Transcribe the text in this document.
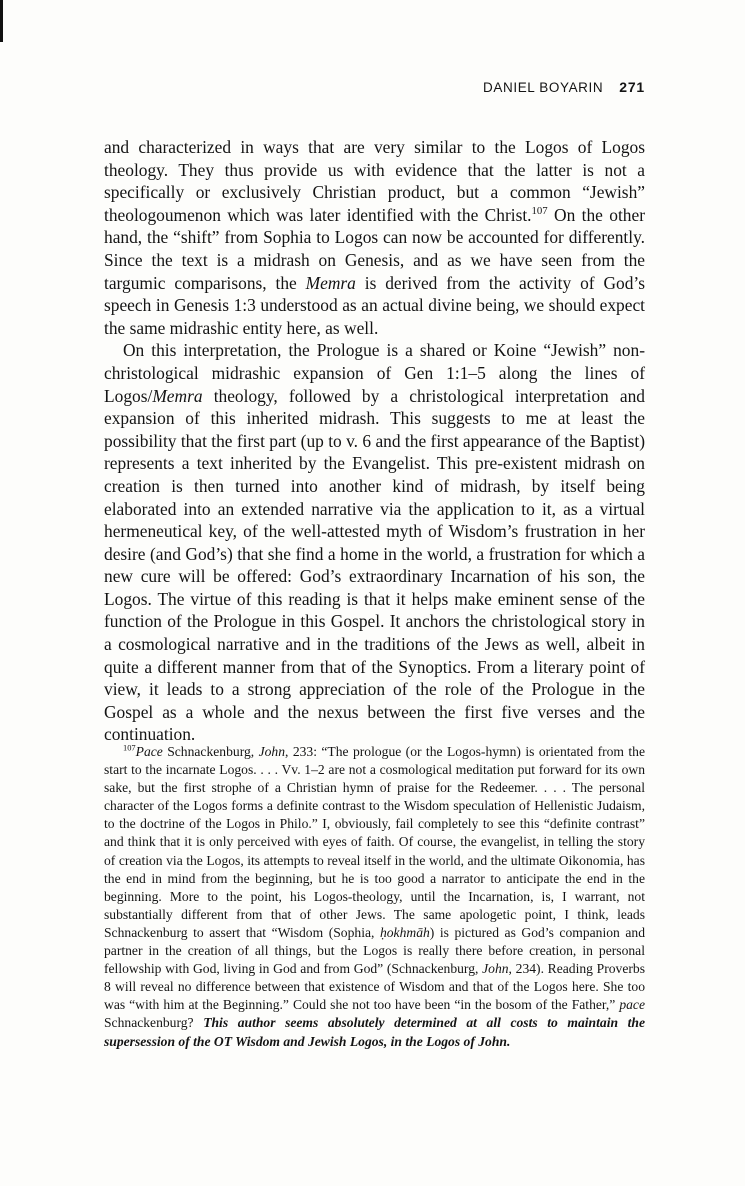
DANIEL BOYARIN 271

and characterized in ways that are very similar to the Logos of Logos theology. They thus provide us with evidence that the latter is not a specifically or exclusively Christian product, but a common “Jewish” theologoumenon which was later identified with the Christ.$^{107}$ On the other hand, the “shift” from Sophia to Logos can now be accounted for differently. Since the text is a midrash on Genesis, and as we have seen from the targumic comparisons, the Memra is derived from the activity of God’s speech in Genesis 1:3 understood as an actual divine being, we should expect the same midrashic entity here, as well.

On this interpretation, the Prologue is a shared or Koine “Jewish” non-christological midrashic expansion of Gen 1:1–5 along the lines of Logos/Memra theology, followed by a christological interpretation and expansion of this inherited midrash. This suggests to me at least the possibility that the first part (up to v. 6 and the first appearance of the Baptist) represents a text inherited by the Evangelist. This pre-existent midrash on creation is then turned into another kind of midrash, by itself being elaborated into an extended narrative via the application to it, as a virtual hermeneutical key, of the well-attested myth of Wisdom’s frustration in her desire (and God’s) that she find a home in the world, a frustration for which a new cure will be offered: God’s extraordinary Incarnation of his son, the Logos. The virtue of this reading is that it helps make eminent sense of the function of the Prologue in this Gospel. It anchors the christological story in a cosmological narrative and in the traditions of the Jews as well, albeit in quite a different manner from that of the Synoptics. From a literary point of view, it leads to a strong appreciation of the role of the Prologue in the Gospel as a whole and the nexus between the first five verses and the continuation.

$^{107}$Pace Schnackenburg, John, 233: “The prologue (or the Logos-hymn) is orientated from the start to the incarnate Logos. . . . Vv. 1–2 are not a cosmological meditation put forward for its own sake, but the first strophe of a Christian hymn of praise for the Redeemer. . . . The personal character of the Logos forms a definite contrast to the Wisdom speculation of Hellenistic Judaism, to the doctrine of the Logos in Philo.” I, obviously, fail completely to see this “definite contrast” and think that it is only perceived with eyes of faith. Of course, the evangelist, in telling the story of creation via the Logos, its attempts to reveal itself in the world, and the ultimate Oikonomia, has the end in mind from the beginning, but he is too good a narrator to anticipate the end in the beginning. More to the point, his Logos-theology, until the Incarnation, is, I warrant, not substantially different from that of other Jews. The same apologetic point, I think, leads Schnackenburg to assert that “Wisdom (Sophia, ḥokhmāh) is pictured as God’s companion and partner in the creation of all things, but the Logos is really there before creation, in personal fellowship with God, living in God and from God” (Schnackenburg, John, 234). Reading Proverbs 8 will reveal no difference between that existence of Wisdom and that of the Logos here. She too was “with him at the Beginning.” Could she not too have been “in the bosom of the Father,” pace Schnackenburg? This author seems absolutely determined at all costs to maintain the supersession of the OT Wisdom and Jewish Logos, in the Logos of John.
